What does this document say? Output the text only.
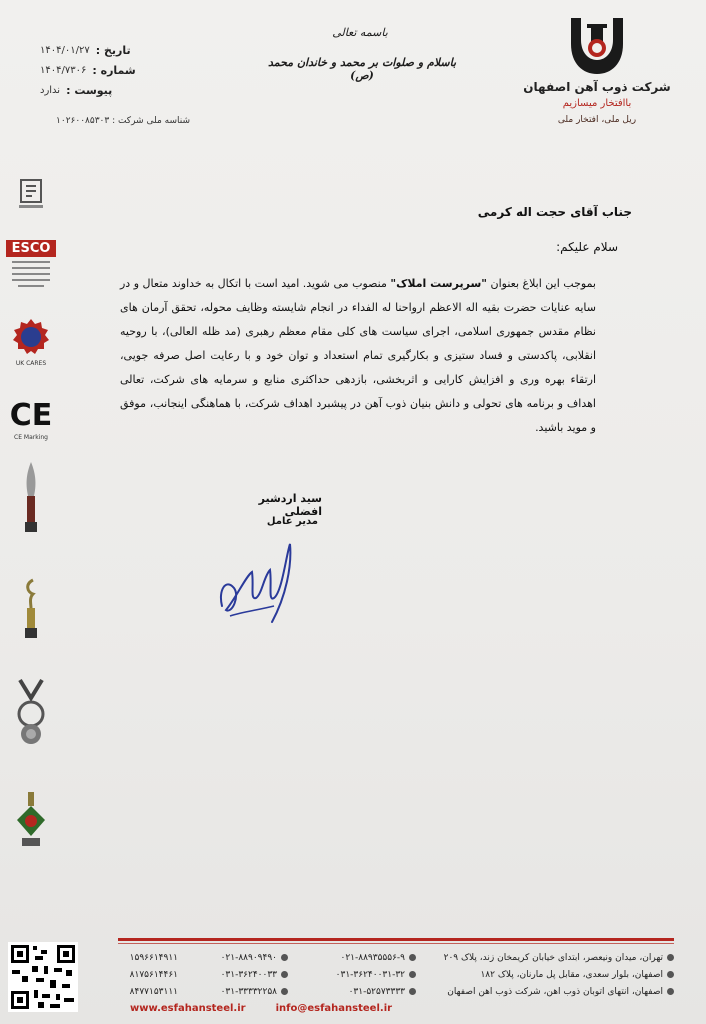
شرکت ذوب آهن اصفهان
باافتخار میسازیم
ریل ملی، افتخار ملی
باسمه تعالی
باسلام و صلوات بر محمد و خاندان محمد (ص)
تاریخ :
۱۴۰۴/۰۱/۲۷
شماره :
۱۴۰۴/۷۳۰۶
پیوست :
ندارد
شناسه ملی شرکت : ۱۰۲۶۰۰۸۵۳۰۳
ESCO
UK CARES
CE
CE Marking
جناب آقای حجت اله کرمی
سلام علیکم:
بموجب این ابلاغ بعنوان "سرپرست املاک" منصوب می شوید. امید است با اتکال به خداوند متعال و در سایه عنایات حضرت بقیه اله الاعظم ارواحنا له الفداء در انجام شایسته وظایف محوله، تحقق آرمان های نظام مقدس جمهوری اسلامی، اجرای سیاست های کلی مقام معظم رهبری (مد ظله العالی)، با روحیه انقلابی، پاکدستی و فساد ستیزی و بکارگیری تمام استعداد و توان خود و با رعایت اصل صرفه جویی، ارتقاء بهره وری و افزایش کارایی و اثربخشی، بازدهی حداکثری منابع و سرمایه های شرکت، تعالی اهداف و برنامه های تحولی و دانش بنیان ذوب آهن در پیشبرد اهداف شرکت، با هماهنگی اینجانب، موفق و موید باشید.
سید اردشیر افضلی
مدیر عامل
تهران، میدان ونیعصر، ابتدای خیابان کریمخان زند، پلاک ۲۰۹
۰۲۱-۸۸۹۳۵۵۵۶-۹
۰۲۱-۸۸۹۰۹۴۹۰
۱۵۹۶۶۱۴۹۱۱
اصفهان، بلوار سعدی، مقابل پل مارنان، پلاک ۱۸۲
۰۳۱-۳۶۲۴۰۰۳۱-۳۲
۰۳۱-۳۶۲۴۰۰۳۳
۸۱۷۵۶۱۴۴۶۱
اصفهان، انتهای اتوبان ذوب آهن، شرکت ذوب آهن اصفهان
۰۳۱-۵۲۵۷۳۳۳۳
۰۳۱-۳۳۳۳۲۲۵۸
۸۴۷۷۱۵۳۱۱۱
www.esfahansteel.ir	info@esfahansteel.ir
